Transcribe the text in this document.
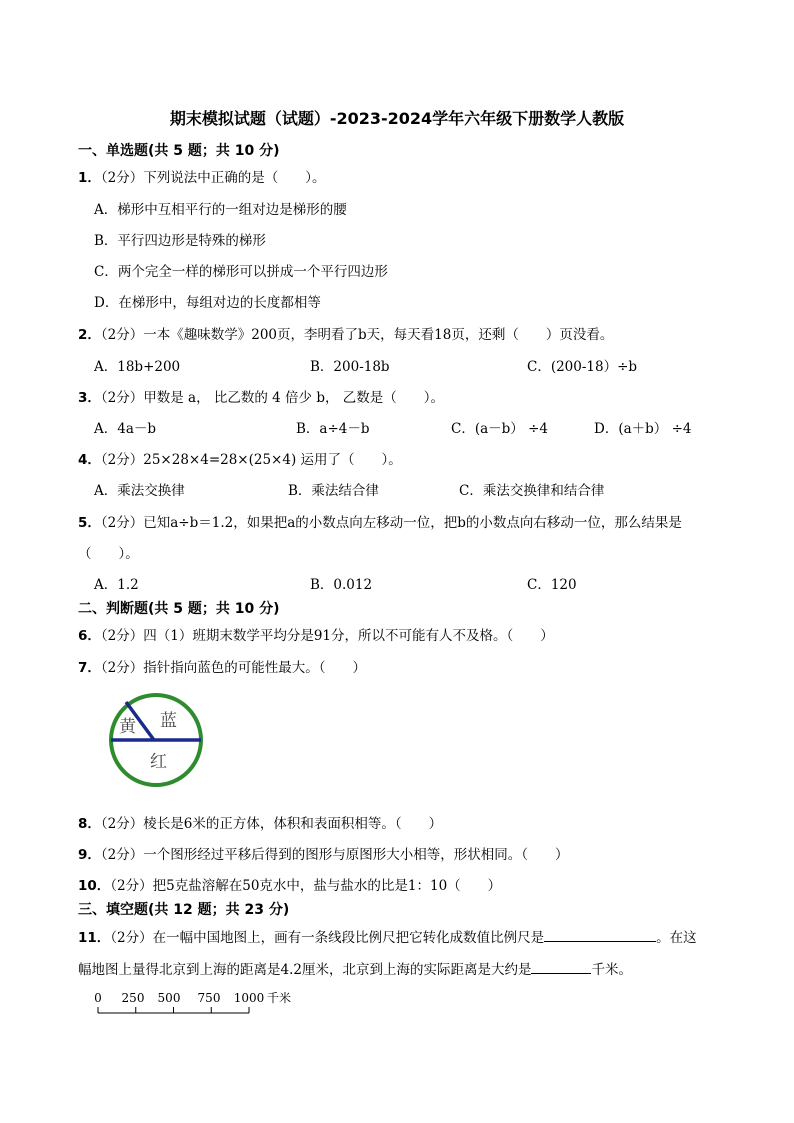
期末模拟试题（试题）-2023-2024学年六年级下册数学人教版
一、单选题(共 5 题；共 10 分)
1．（2分）下列说法中正确的是（　　）。
A．梯形中互相平行的一组对边是梯形的腰
B．平行四边形是特殊的梯形
C．两个完全一样的梯形可以拼成一个平行四边形
D．在梯形中，每组对边的长度都相等
2．（2分）一本《趣味数学》200页，李明看了b天，每天看18页，还剩（　　）页没看。
A．18b+200	B．200-18b	C．(200-18）÷b
3．（2分）甲数是 a， 比乙数的 4 倍少 b， 乙数是（　　）。
A．4a－b	B．a÷4－b	C．(a－b） ÷4	D．(a＋b） ÷4
4．（2分）25×28×4=28×(25×4) 运用了（　　）。
A．乘法交换律	B．乘法结合律	C．乘法交换律和结合律
5．（2分）已知a÷b＝1.2，如果把a的小数点向左移动一位，把b的小数点向右移动一位，那么结果是
（　　）。
A．1.2	B．0.012	C．120
二、判断题(共 5 题；共 10 分)
6．（2分）四（1）班期末数学平均分是91分，所以不可能有人不及格。（　　）
7．（2分）指针指向蓝色的可能性最大。（　　）
黄 蓝
红
8．（2分）棱长是6米的正方体，体积和表面积相等。（　　）
9．（2分）一个图形经过平移后得到的图形与原图形大小相等，形状相同。（　　）
10．（2分）把5克盐溶解在50克水中，盐与盐水的比是1：10（　　）
三、填空题(共 12 题；共 23 分)
11．（2分）在一幅中国地图上，画有一条线段比例尺把它转化成数值比例尺是	。在这
幅地图上量得北京到上海的距离是4.2厘米，北京到上海的实际距离是大约是	千米。
0 250 500 750 1000 千米
